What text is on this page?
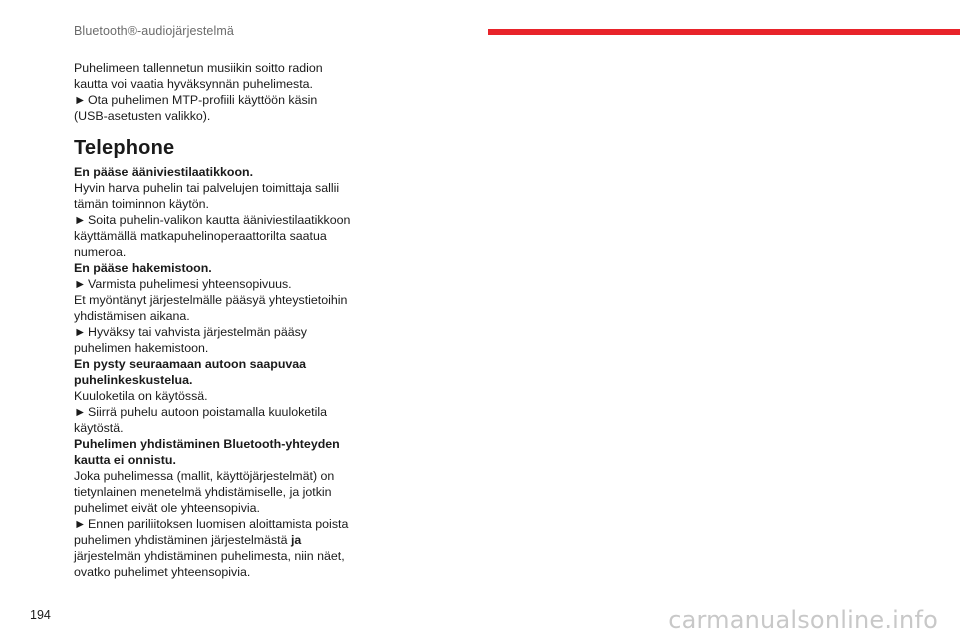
Bluetooth®-audiojärjestelmä

Puhelimeen tallennetun musiikin soitto radion kautta voi vaatia hyväksynnän puhelimesta.

► Ota puhelimen MTP-profiili käyttöön käsin (USB-asetusten valikko).

Telephone

En pääse ääniviestilaatikkoon.

Hyvin harva puhelin tai palvelujen toimittaja sallii tämän toiminnon käytön.

► Soita puhelin-valikon kautta ääniviestilaatikkoon käyttämällä matkapuhelinoperaattorilta saatua numeroa.

En pääse hakemistoon.

► Varmista puhelimesi yhteensopivuus.

Et myöntänyt järjestelmälle pääsyä yhteystietoihin yhdistämisen aikana.

► Hyväksy tai vahvista järjestelmän pääsy puhelimen hakemistoon.

En pysty seuraamaan autoon saapuvaa puhelinkeskustelua.

Kuuloketila on käytössä.

► Siirrä puhelu autoon poistamalla kuuloketila käytöstä.

Puhelimen yhdistäminen Bluetooth-yhteyden kautta ei onnistu.

Joka puhelimessa (mallit, käyttöjärjestelmät) on tietynlainen menetelmä yhdistämiselle, ja jotkin puhelimet eivät ole yhteensopivia.

► Ennen pariliitoksen luomisen aloittamista poista puhelimen yhdistäminen järjestelmästä ja järjestelmän yhdistäminen puhelimesta, niin näet, ovatko puhelimet yhteensopivia.

194	carmanualsonline.info
